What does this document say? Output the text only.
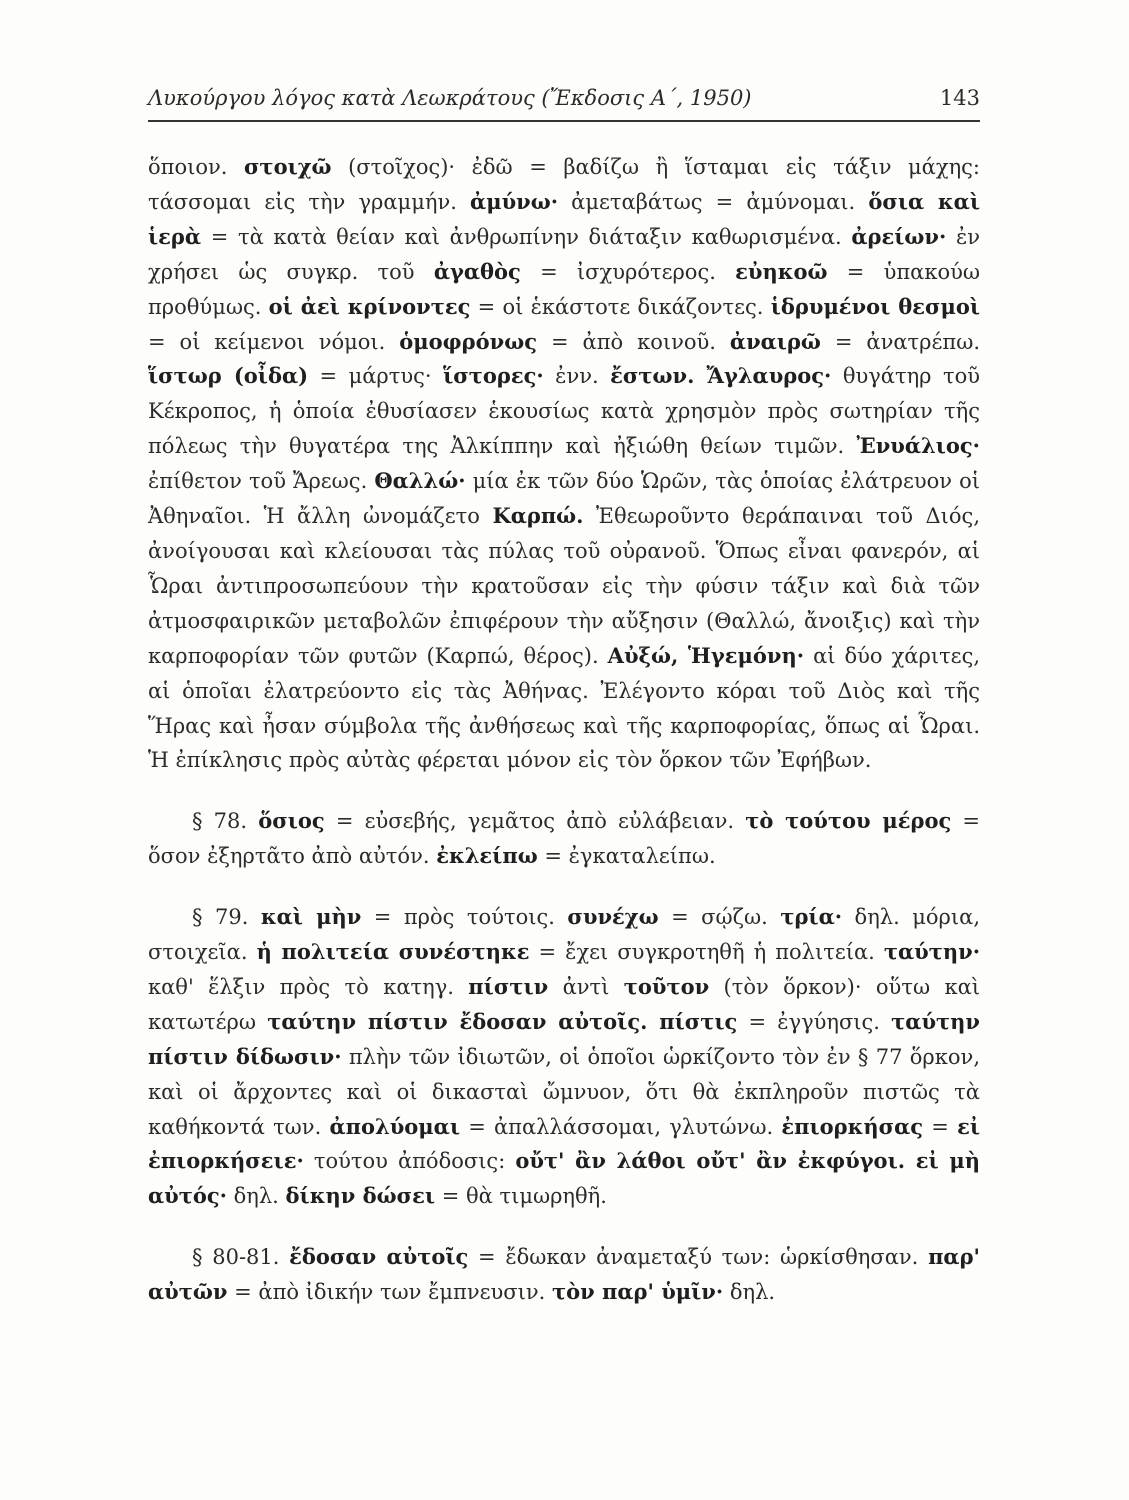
Λυκούργου λόγος κατὰ Λεωκράτους (Ἔκδοσις Α΄, 1950)	143

ὅποιον. στοιχῶ (στοῖχος)· ἐδῶ = βαδίζω ἢ ἵσταμαι εἰς τάξιν μάχης: τάσσομαι εἰς τὴν γραμμήν. ἀμύνω· ἀμεταβάτως = ἀμύνομαι. ὅσια καὶ ἱερὰ = τὰ κατὰ θείαν καὶ ἀνθρωπίνην διάταξιν καθωρισμένα. ἀρείων· ἐν χρήσει ὡς συγκρ. τοῦ ἀγαθὸς = ἰσχυρότερος. εὐηκοῶ = ὑπακούω προθύμως. οἱ ἀεὶ κρίνοντες = οἱ ἑκάστοτε δικάζοντες. ἱδρυμένοι θεσμοὶ = οἱ κείμενοι νόμοι. ὁμοφρόνως = ἀπὸ κοινοῦ. ἀναιρῶ = ἀνατρέπω. ἵστωρ (οἶδα) = μάρτυς· ἵστορες· ἐνν. ἔστων. Ἄγλαυρος· θυγάτηρ τοῦ Κέκροπος, ἡ ὁποία ἐθυσίασεν ἑκουσίως κατὰ χρησμὸν πρὸς σωτηρίαν τῆς πόλεως τὴν θυγατέρα της Ἀλκίππην καὶ ἠξιώθη θείων τιμῶν. Ἐνυάλιος· ἐπίθετον τοῦ Ἄρεως. Θαλλώ· μία ἐκ τῶν δύο Ὡρῶν, τὰς ὁποίας ἐλάτρευον οἱ Ἀθηναῖοι. Ἡ ἄλλη ὠνομάζετο Καρπώ. Ἐθεωροῦντο θεράπαιναι τοῦ Διός, ἀνοίγουσαι καὶ κλείουσαι τὰς πύλας τοῦ οὐρανοῦ. Ὅπως εἶναι φανερόν, αἱ Ὧραι ἀντιπροσωπεύουν τὴν κρατοῦσαν εἰς τὴν φύσιν τάξιν καὶ διὰ τῶν ἀτμοσφαιρικῶν μεταβολῶν ἐπιφέρουν τὴν αὔξησιν (Θαλλώ, ἄνοιξις) καὶ τὴν καρποφορίαν τῶν φυτῶν (Καρπώ, θέρος). Αὐξώ, Ἡγεμόνη· αἱ δύο χάριτες, αἱ ὁποῖαι ἐλατρεύοντο εἰς τὰς Ἀθήνας. Ἐλέγοντο κόραι τοῦ Διὸς καὶ τῆς Ἥρας καὶ ἦσαν σύμβολα τῆς ἀνθήσεως καὶ τῆς καρποφορίας, ὅπως αἱ Ὧραι. Ἡ ἐπίκλησις πρὸς αὐτὰς φέρεται μόνον εἰς τὸν ὅρκον τῶν Ἐφήβων.

§ 78. ὅσιος = εὐσεβής, γεμᾶτος ἀπὸ εὐλάβειαν. τὸ τούτου μέρος = ὅσον ἐξηρτᾶτο ἀπὸ αὐτόν. ἐκλείπω = ἐγκαταλείπω.

§ 79. καὶ μὴν = πρὸς τούτοις. συνέχω = σῴζω. τρία· δηλ. μόρια, στοιχεῖα. ἡ πολιτεία συνέστηκε = ἔχει συγκροτηθῆ ἡ πολιτεία. ταύτην· καθ' ἕλξιν πρὸς τὸ κατηγ. πίστιν ἀντὶ τοῦτον (τὸν ὅρκον)· οὕτω καὶ κατωτέρω ταύτην πίστιν ἔδοσαν αὐτοῖς. πίστις = ἐγγύησις. ταύτην πίστιν δίδωσιν· πλὴν τῶν ἰδιωτῶν, οἱ ὁποῖοι ὡρκίζοντο τὸν ἐν § 77 ὅρκον, καὶ οἱ ἄρχοντες καὶ οἱ δικασταὶ ὤμνυον, ὅτι θὰ ἐκπληροῦν πιστῶς τὰ καθήκοντά των. ἀπολύομαι = ἀπαλλάσσομαι, γλυτώνω. ἐπιορκήσας = εἰ ἐπιορκήσειε· τούτου ἀπόδοσις: οὔτ' ἂν λάθοι οὔτ' ἂν ἐκφύγοι. εἰ μὴ αὐτός· δηλ. δίκην δώσει = θὰ τιμωρηθῆ.

§ 80-81. ἔδοσαν αὐτοῖς = ἔδωκαν ἀναμεταξύ των: ὡρκίσθησαν. παρ' αὐτῶν = ἀπὸ ἰδικήν των ἔμπνευσιν. τὸν παρ' ὑμῖν· δηλ.
